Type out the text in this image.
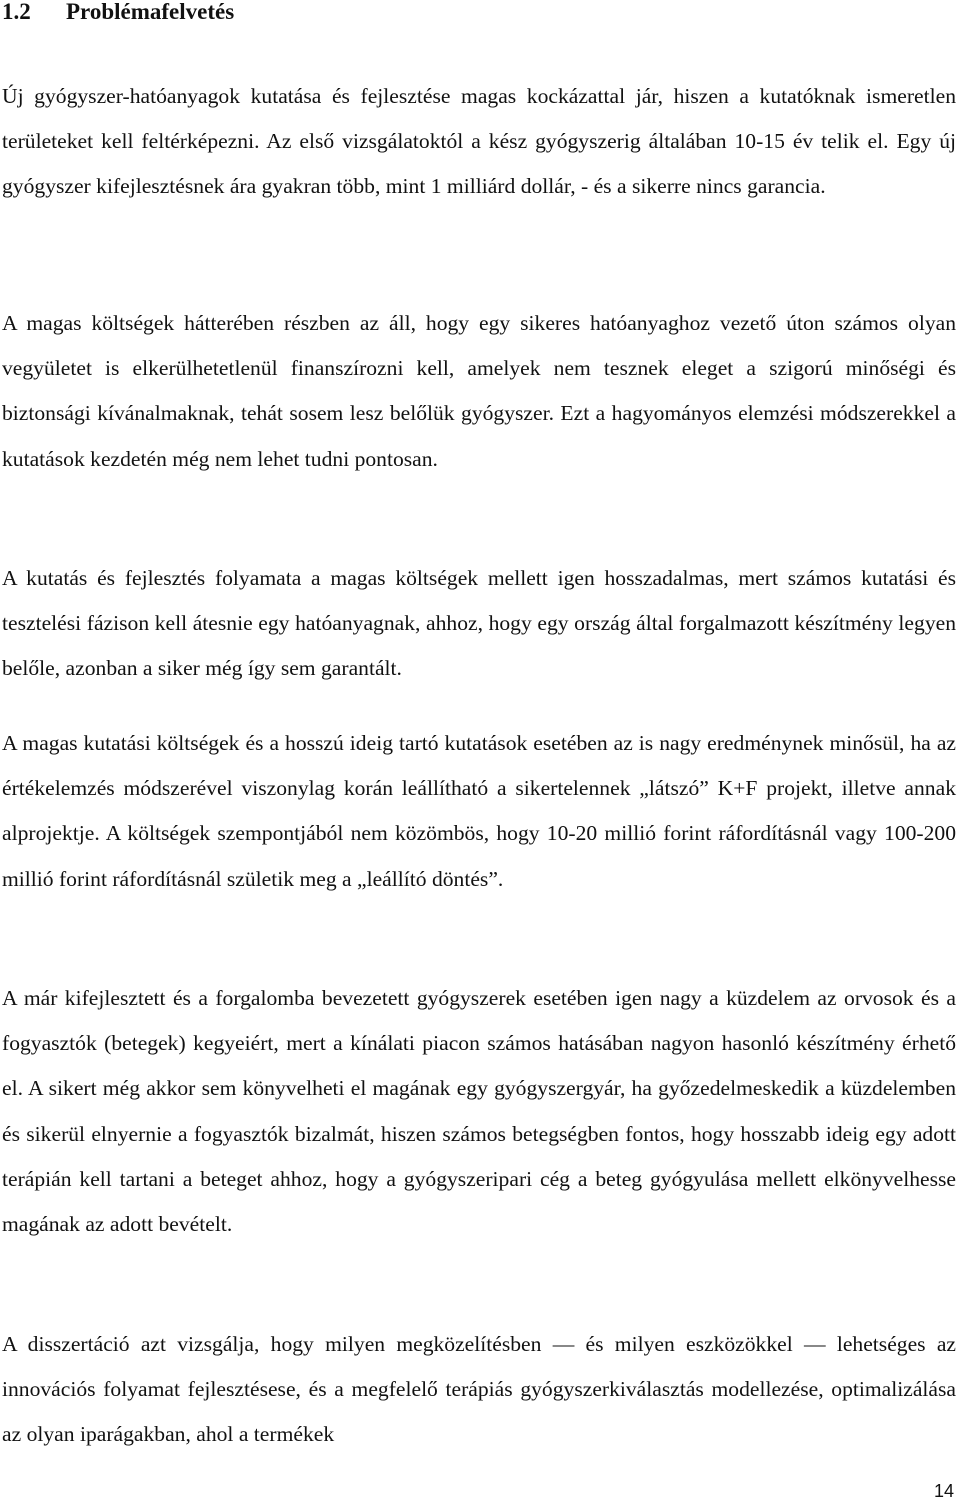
1.2 Problémafelvetés

Új gyógyszer-hatóanyagok kutatása és fejlesztése magas kockázattal jár, hiszen a kutatóknak ismeretlen területeket kell feltérképezni. Az első vizsgálatoktól a kész gyógyszerig általában 10-15 év telik el. Egy új gyógyszer kifejlesztésnek ára gyakran több, mint 1 milliárd dollár, - és a sikerre nincs garancia.

A magas költségek hátterében részben az áll, hogy egy sikeres hatóanyaghoz vezető úton számos olyan vegyületet is elkerülhetetlenül finanszírozni kell, amelyek nem tesznek eleget a szigorú minőségi és biztonsági kívánalmaknak, tehát sosem lesz belőlük gyógyszer. Ezt a hagyományos elemzési módszerekkel a kutatások kezdetén még nem lehet tudni pontosan.

A kutatás és fejlesztés folyamata a magas költségek mellett igen hosszadalmas, mert számos kutatási és tesztelési fázison kell átesnie egy hatóanyagnak, ahhoz, hogy egy ország által forgalmazott készítmény legyen belőle, azonban a siker még így sem garantált.

A magas kutatási költségek és a hosszú ideig tartó kutatások esetében az is nagy eredménynek minősül, ha az értékelemzés módszerével viszonylag korán leállítható a sikertelennek „látszó” K+F projekt, illetve annak alprojektje. A költségek szempontjából nem közömbös, hogy 10-20 millió forint ráfordításnál vagy 100-200 millió forint ráfordításnál születik meg a „leállító döntés”.

A már kifejlesztett és a forgalomba bevezetett gyógyszerek esetében igen nagy a küzdelem az orvosok és a fogyasztók (betegek) kegyeiért, mert a kínálati piacon számos hatásában nagyon hasonló készítmény érhető el. A sikert még akkor sem könyvelheti el magának egy gyógyszergyár, ha győzedelmeskedik a küzdelemben és sikerül elnyernie a fogyasztók bizalmát, hiszen számos betegségben fontos, hogy hosszabb ideig egy adott terápián kell tartani a beteget ahhoz, hogy a gyógyszeripari cég a beteg gyógyulása mellett elkönyvelhesse magának az adott bevételt.

A disszertáció azt vizsgálja, hogy milyen megközelítésben — és milyen eszközökkel — lehetséges az innovációs folyamat fejlesztésese, és a megfelelő terápiás gyógyszerkiválasztás modellezése, optimalizálása az olyan iparágakban, ahol a termékek

14
